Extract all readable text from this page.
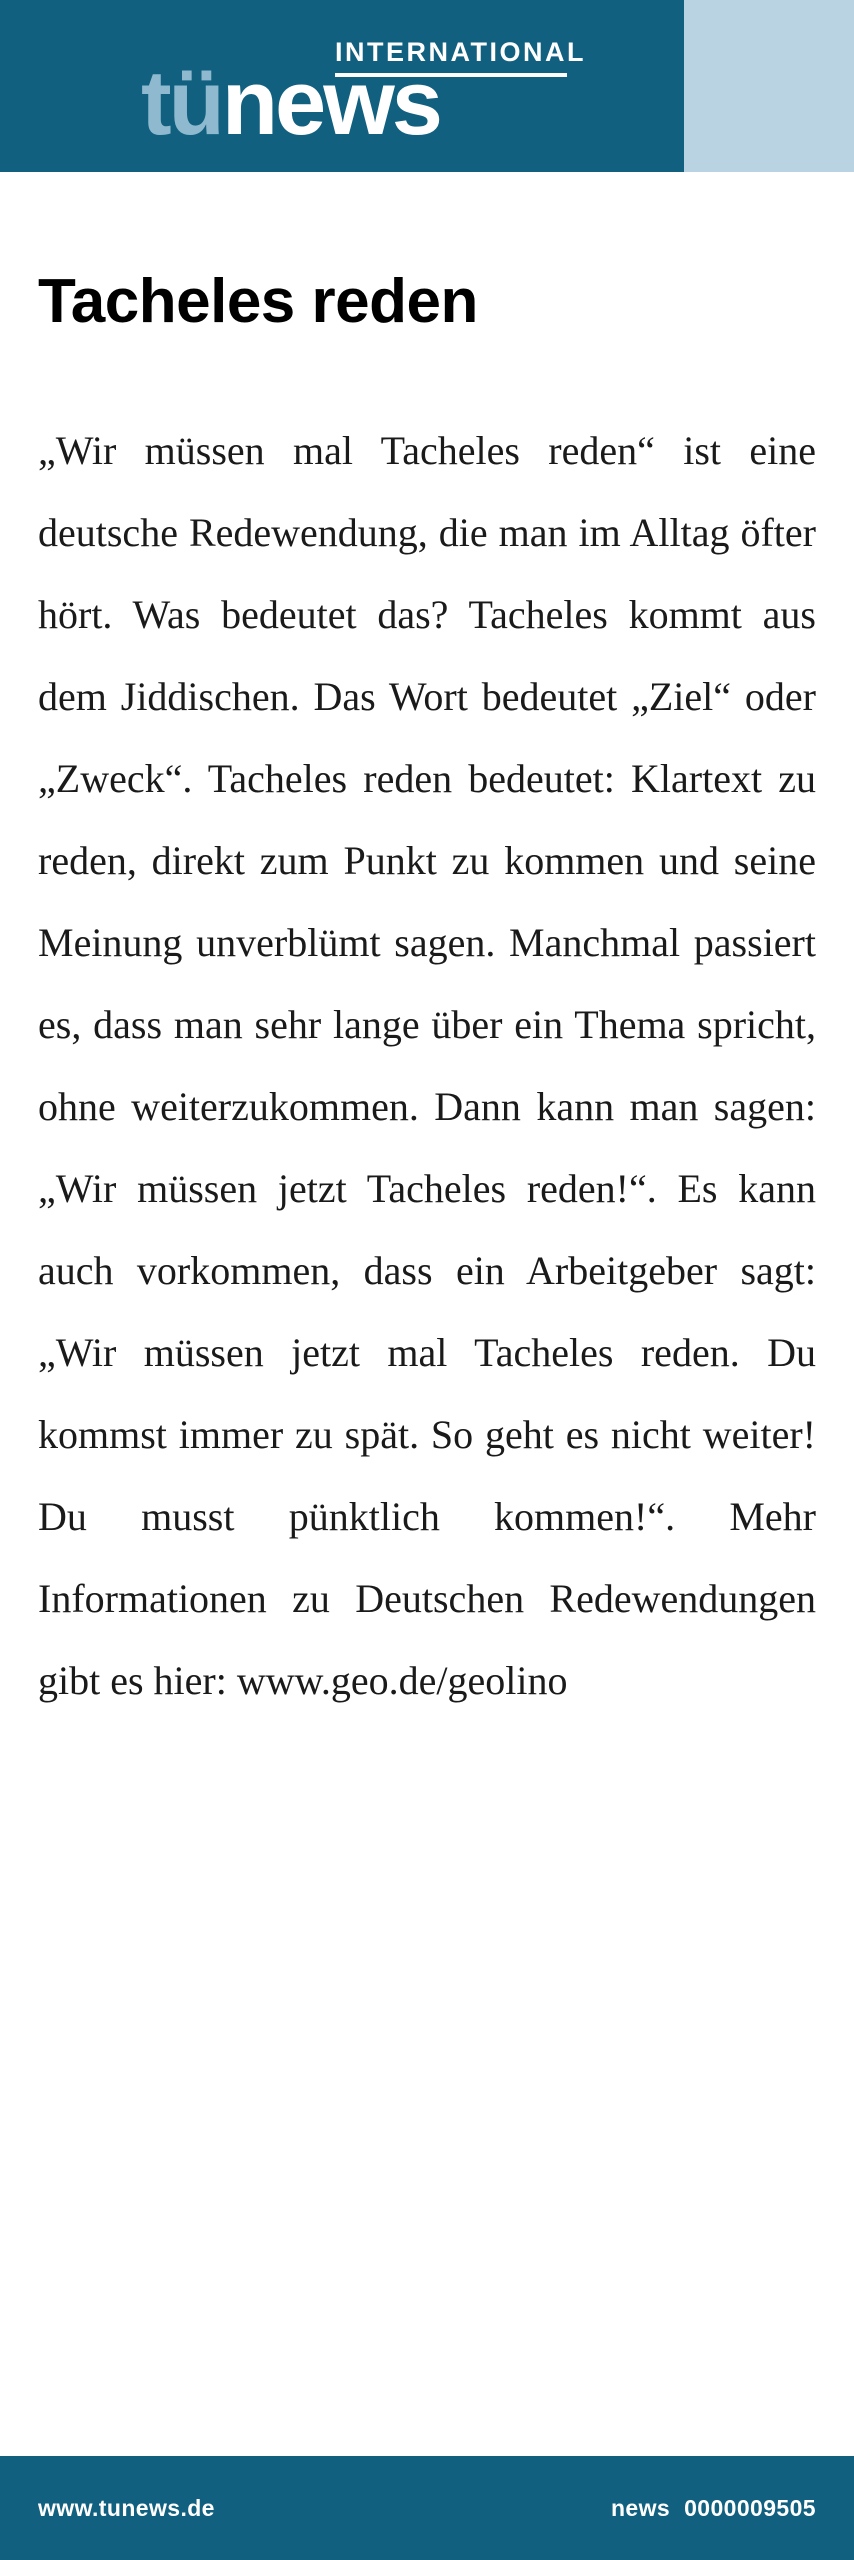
INTERNATIONAL
tünews
Tacheles reden
„Wir müssen mal Tacheles reden“ ist eine deutsche Redewendung, die man im Alltag öfter hört. Was bedeutet das? Tacheles kommt aus dem Jiddischen. Das Wort bedeutet „Ziel“ oder „Zweck“. Tacheles reden bedeutet: Klartext zu reden, direkt zum Punkt zu kommen und seine Meinung unverblümt sagen. Manchmal passiert es, dass man sehr lange über ein Thema spricht, ohne weiterzukommen. Dann kann man sagen: „Wir müssen jetzt Tacheles reden!“. Es kann auch vorkommen, dass ein Arbeitgeber sagt: „Wir müssen jetzt mal Tacheles reden. Du kommst immer zu spät. So geht es nicht weiter! Du musst pünktlich kommen!“. Mehr Informationen zu Deutschen Redewendungen gibt es hier: www.geo.de/geolino
www.tunews.de	news 0000009505
